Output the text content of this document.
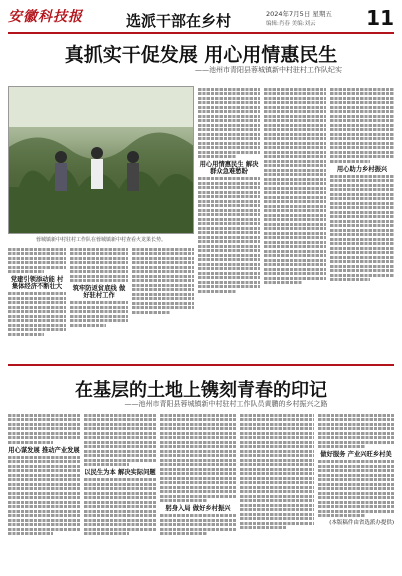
安徽科技报	选派干部在乡村	2024年7月5日 星期五
编辑:肖春 美编:刘云	11
真抓实干促发展 用心用情惠民生
——池州市青阳县蓉城镇新中村驻村工作队纪实
蓉城镇新中村驻村工作队在蓉城镇新中村查看火龙果长势。
党建引领添动能 村集体经济不断壮大	筑牢防返贫底线 做好驻村工作
用心用情惠民生 解决群众急难愁盼	用心助力乡村振兴
在基层的土地上镌刻青春的印记
——池州市青阳县蓉城镇新中村驻村工作队员黄鹏的乡村振兴之路
用心谋发展 推动产业发展
以民生为本 解决实际问题
躬身入局 做好乡村振兴
做好服务 产业兴旺乡村美
(本版稿件由省选派办提供)
